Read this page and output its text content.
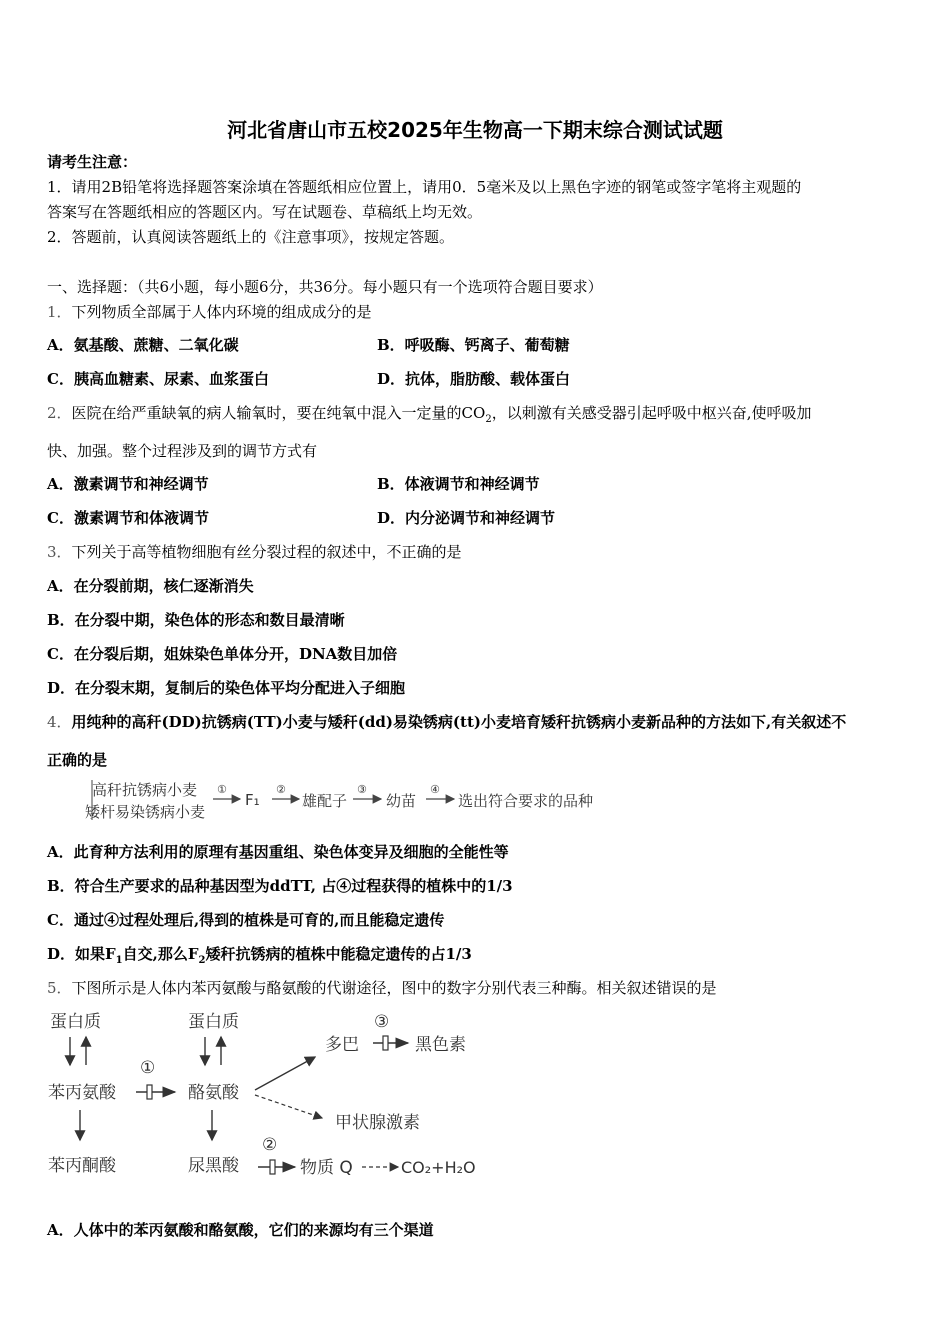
河北省唐山市五校2025年生物高一下期末综合测试试题
请考生注意：
1．请用2B铅笔将选择题答案涂填在答题纸相应位置上，请用0．5毫米及以上黑色字迹的钢笔或签字笔将主观题的
答案写在答题纸相应的答题区内。写在试题卷、草稿纸上均无效。
2．答题前，认真阅读答题纸上的《注意事项》，按规定答题。
一、选择题：（共6小题，每小题6分，共36分。每小题只有一个选项符合题目要求）
1．下列物质全部属于人体内环境的组成成分的是
A．氨基酸、蔗糖、二氧化碳	B．呼吸酶、钙离子、葡萄糖
C．胰高血糖素、尿素、血浆蛋白	D．抗体，脂肪酸、载体蛋白
2．医院在给严重缺氧的病人输氧时，要在纯氧中混入一定量的$CO_2$，以刺激有关感受器引起呼吸中枢兴奋,使呼吸加
快、加强。整个过程涉及到的调节方式有
A．激素调节和神经调节	B．体液调节和神经调节
C．激素调节和体液调节	D．内分泌调节和神经调节
3．下列关于高等植物细胞有丝分裂过程的叙述中，不正确的是
A．在分裂前期，核仁逐渐消失
B．在分裂中期，染色体的形态和数目最清晰
C．在分裂后期，姐妹染色单体分开，DNA数目加倍
D．在分裂末期，复制后的染色体平均分配进入子细胞
4．用纯种的高秆(DD)抗锈病(TT)小麦与矮秆(dd)易染锈病(tt)小麦培育矮秆抗锈病小麦新品种的方法如下,有关叙述不
正确的是
高秆抗锈病小麦
矮杆易染锈病小麦
①
F₁
②
雄配子
③
幼苗
④
选出符合要求的品种
A．此育种方法利用的原理有基因重组、染色体变异及细胞的全能性等
B．符合生产要求的品种基因型为ddTT, 占④过程获得的植株中的1/3
C．通过④过程处理后,得到的植株是可育的,而且能稳定遗传
D．如果$F_1$自交,那么$F_2$矮秆抗锈病的植株中能稳定遗传的占1/3
5．下图所示是人体内苯丙氨酸与酪氨酸的代谢途径，图中的数字分别代表三种酶。相关叙述错误的是
蛋白质
苯丙氨酸
苯丙酮酸
①
蛋白质
酪氨酸
尿黑酸
多巴
③
黑色素
甲状腺激素
②
物质 Q	CO₂+H₂O
A．人体中的苯丙氨酸和酪氨酸，它们的来源均有三个渠道
